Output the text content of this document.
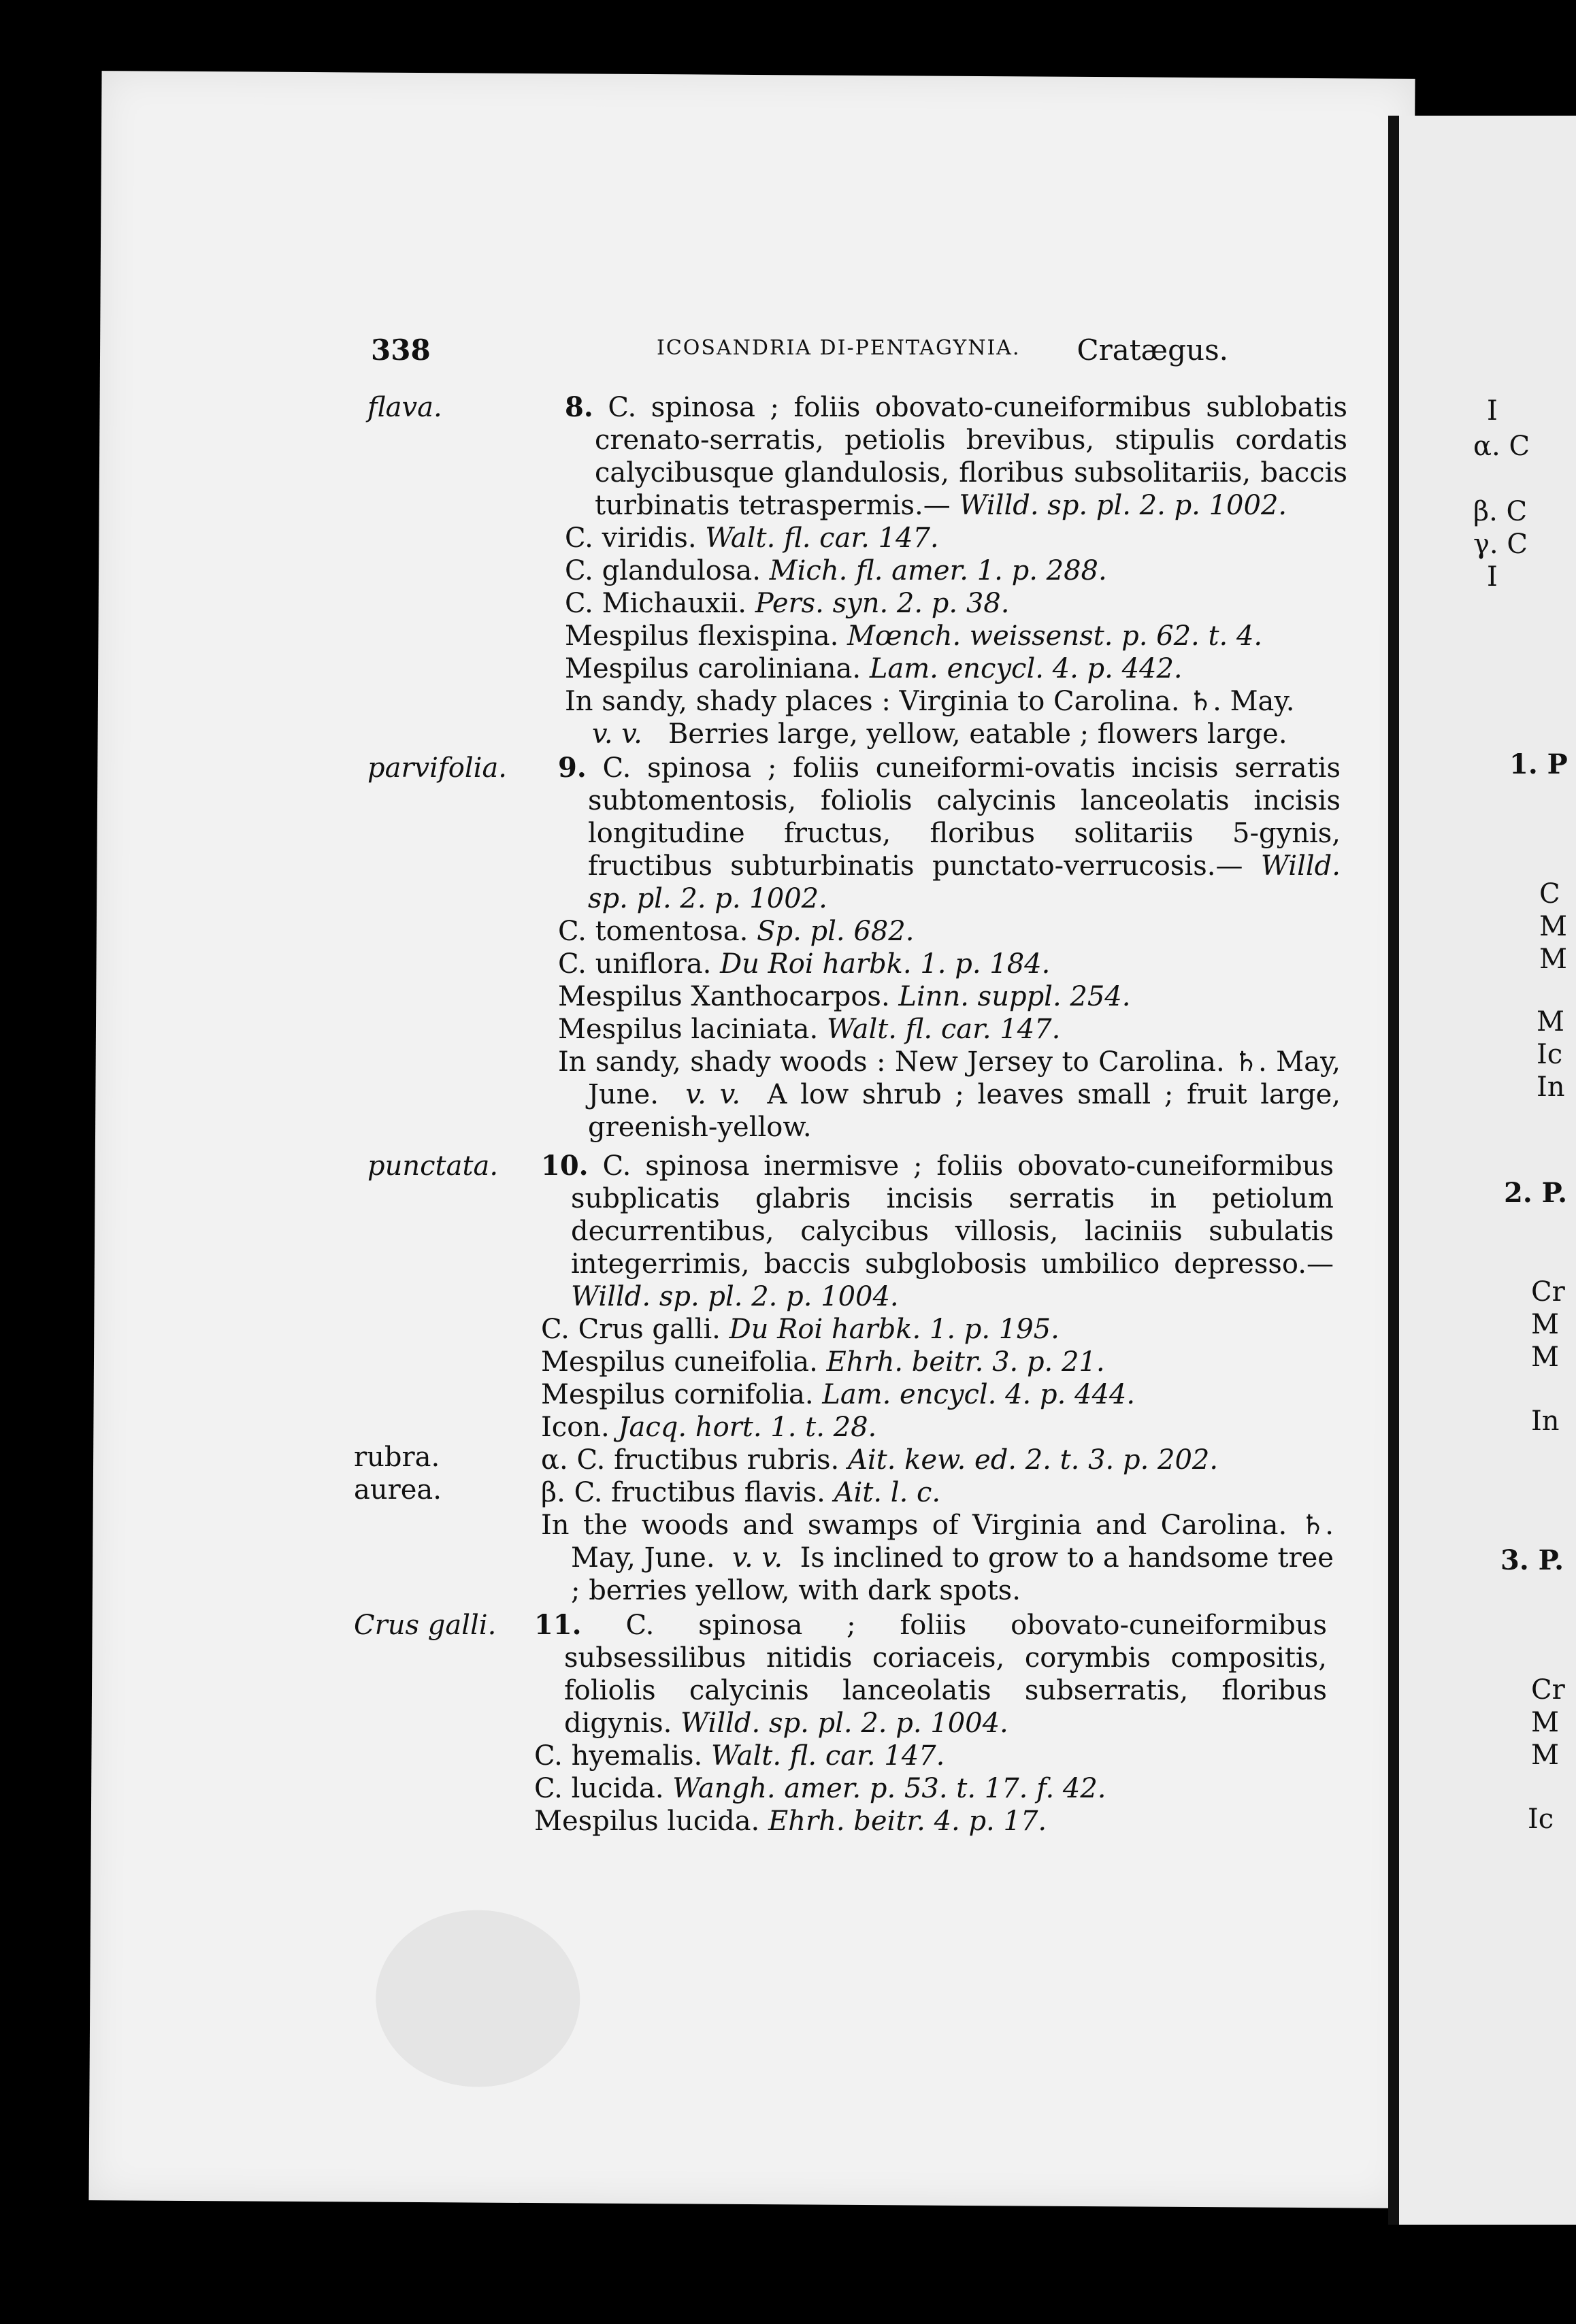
338	ICOSANDRIA DI-PENTAGYNIA. Cratægus.
flava.	8. C. spinosa ; foliis obovato-cuneiformibus sublobatis crenato-serratis, petiolis brevibus, stipulis cordatis calycibusque glandulosis, floribus subsolitariis, baccis turbinatis tetraspermis.— Willd. sp. pl. 2. p. 1002.

C. viridis. Walt. fl. car. 147.
C. glandulosa. Mich. fl. amer. 1. p. 288.
C. Michauxii. Pers. syn. 2. p. 38.
Mespilus flexispina. Mœnch. weissenst. p. 62. t. 4.
Mespilus caroliniana. Lam. encycl. 4. p. 442.
In sandy, shady places : Virginia to Carolina. ♄. May.
v. v. Berries large, yellow, eatable ; flowers large.
parvifolia. 9. C. spinosa ; foliis cuneiformi-ovatis incisis serratis subtomentosis, foliolis calycinis lanceolatis incisis longitudine fructus, floribus solitariis 5-gynis, fructibus subturbinatis punctato-verrucosis.— Willd. sp. pl. 2. p. 1002.

C. tomentosa. Sp. pl. 682.
C. uniflora. Du Roi harbk. 1. p. 184.
Mespilus Xanthocarpos. Linn. suppl. 254.
Mespilus laciniata. Walt. fl. car. 147.

In sandy, shady woods : New Jersey to Carolina. ♄. May, June. v. v. A low shrub ; leaves small ; fruit large, greenish-yellow.

punctata. 10. C. spinosa inermisve ; foliis obovato-cuneiformibus subplicatis glabris incisis serratis in petiolum decurrentibus, calycibus villosis, laciniis subulatis integerrimis, baccis subglobosis umbilico depresso.— Willd. sp. pl. 2. p. 1004.

C. Crus galli. Du Roi harbk. 1. p. 195.
Mespilus cuneifolia. Ehrh. beitr. 3. p. 21.
Mespilus cornifolia. Lam. encycl. 4. p. 444.
Icon. Jacq. hort. 1. t. 28.
α. C. fructibus rubris. Ait. kew. ed. 2. t. 3. p. 202.
β. C. fructibus flavis. Ait. l. c.

In the woods and swamps of Virginia and Carolina. ♄. May, June. v. v. Is inclined to grow to a handsome tree ; berries yellow, with dark spots.

rubra.
aurea.
Crus galli. 11. C. spinosa ; foliis obovato-cuneiformibus subsessilibus nitidis coriaceis, corymbis compositis, foliolis calycinis lanceolatis subserratis, floribus digynis. Willd. sp. pl. 2. p. 1004.

C. hyemalis. Walt. fl. car. 147.
C. lucida. Wangh. amer. p. 53. t. 17. f. 42.
Mespilus lucida. Ehrh. beitr. 4. p. 17.
I
α. C
β. C
γ. C
I
1. P
C
M
M
M
Ic
In
2. P.
Cr
M
M
In
3. P.
Cr
M
M
Ic
